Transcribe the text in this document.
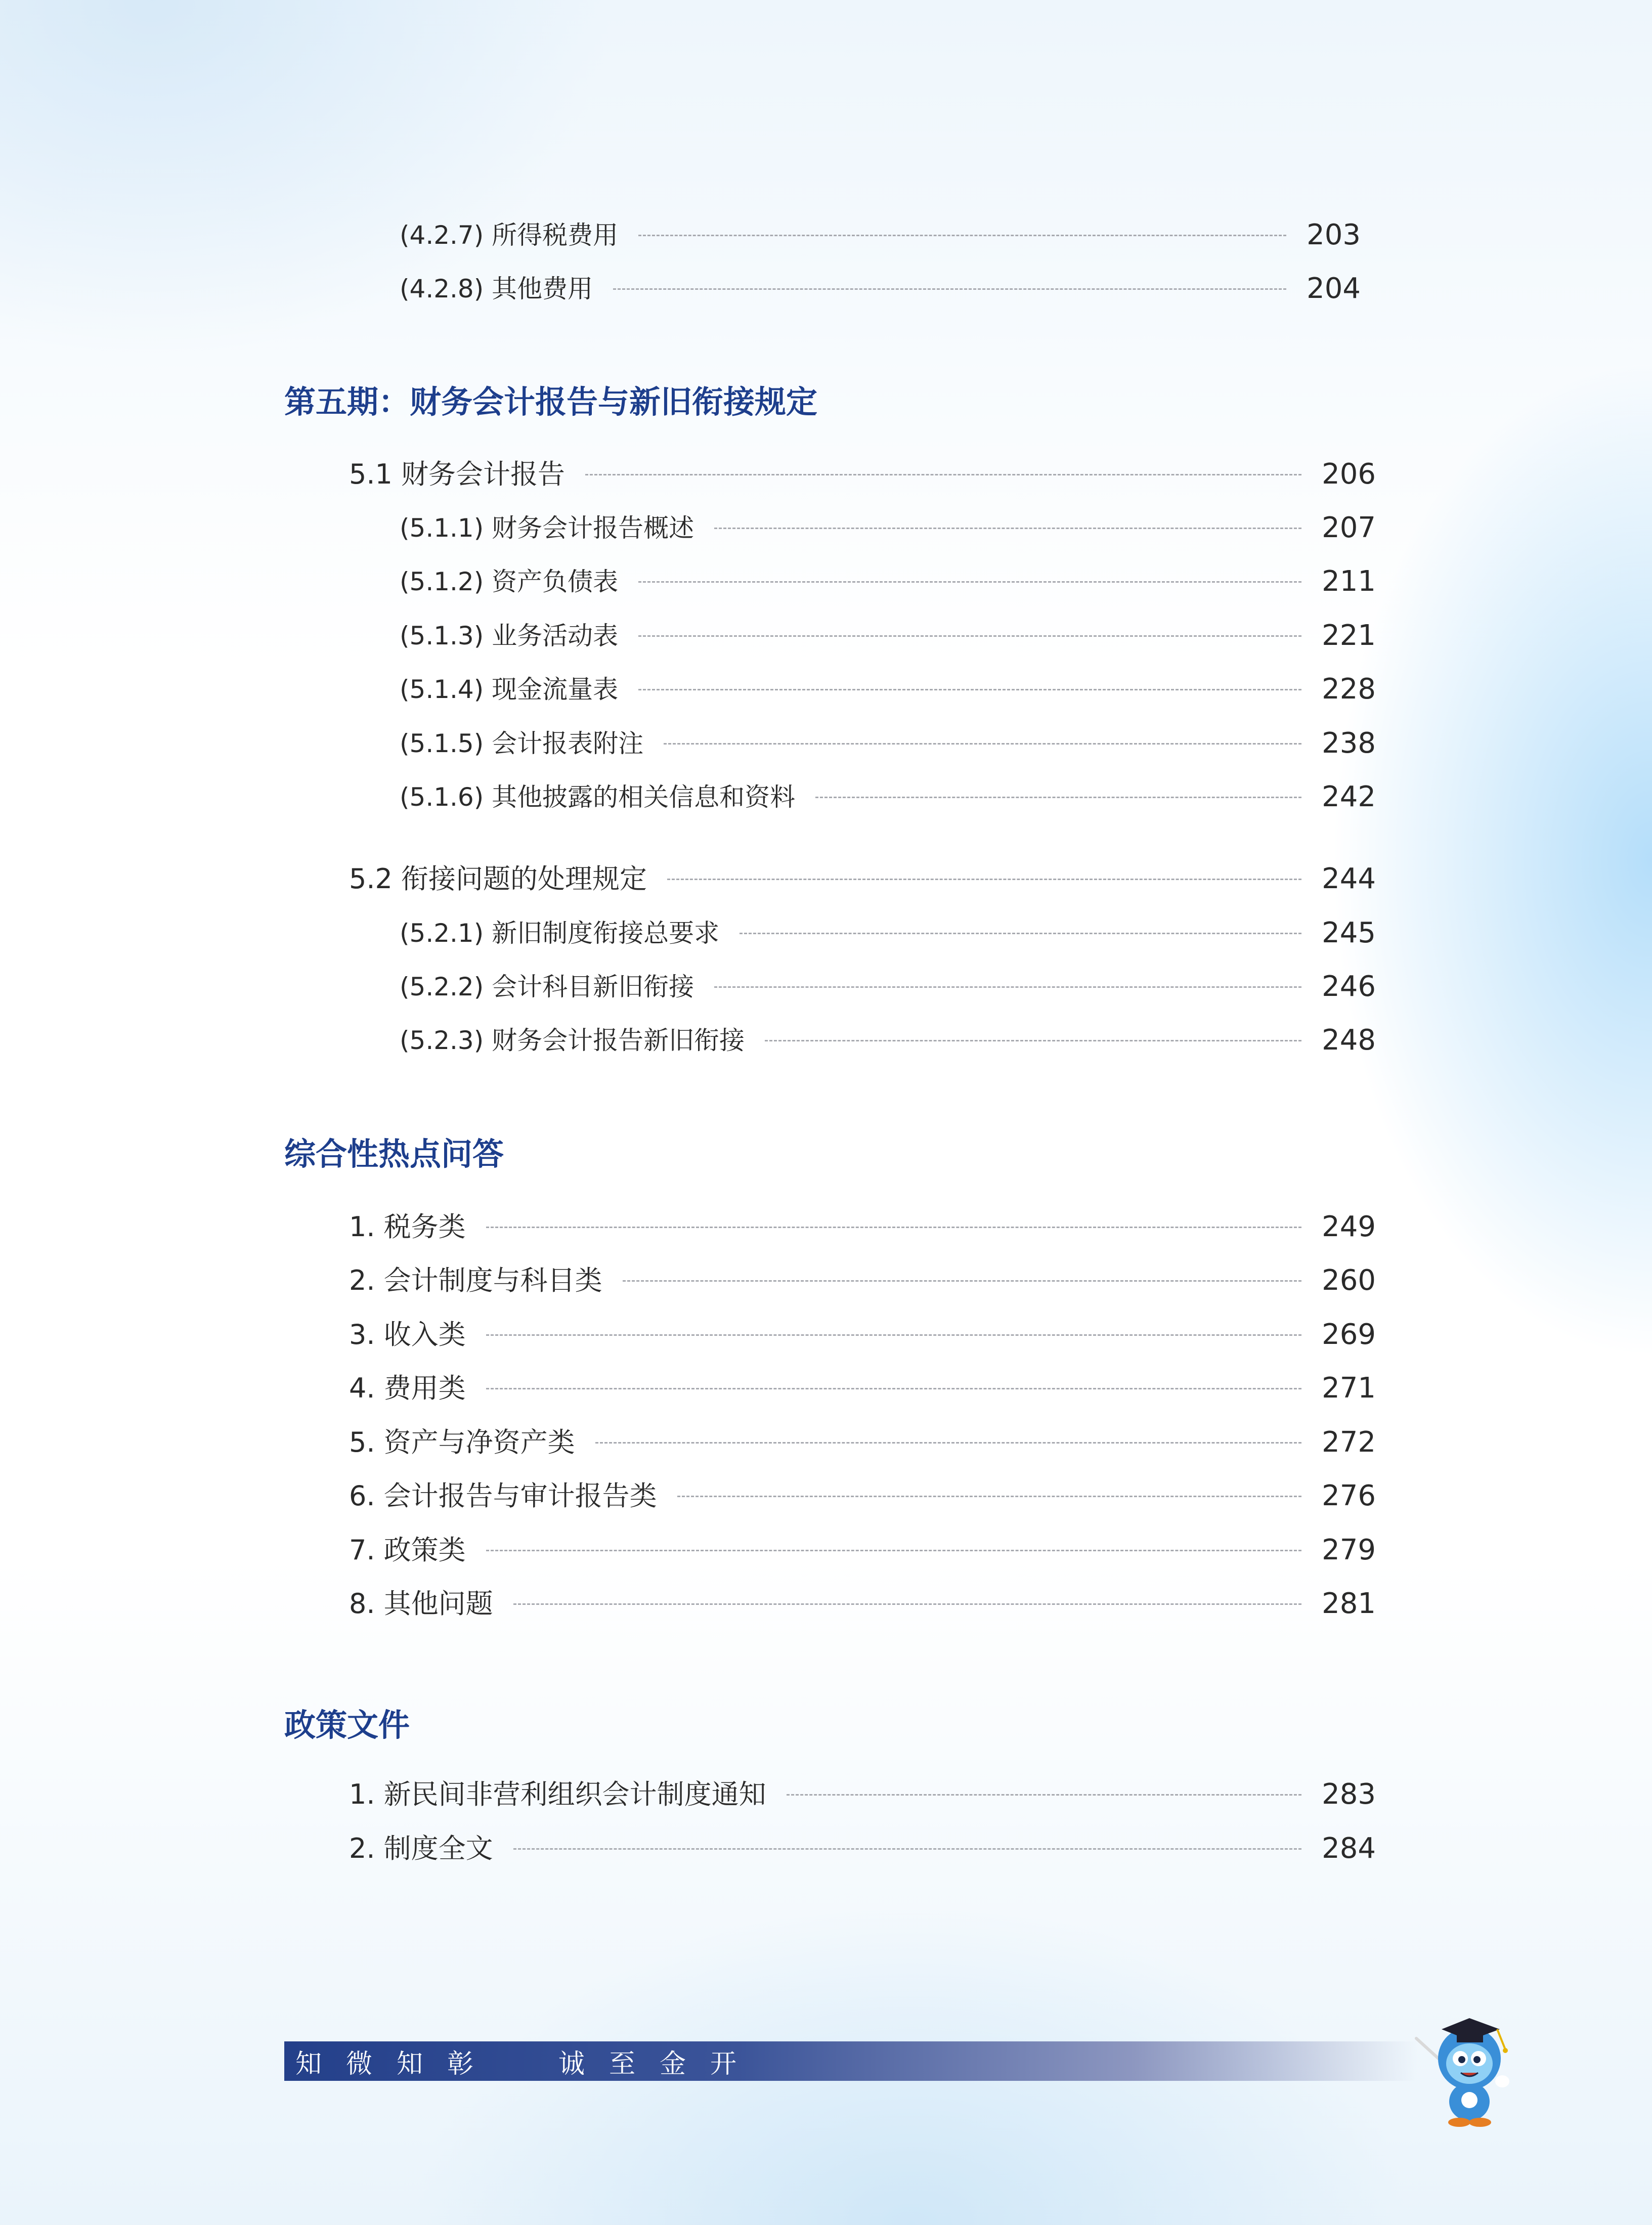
(4.2.7) 所得税费用	203
(4.2.8) 其他费用	204
第五期：财务会计报告与新旧衔接规定
5.1 财务会计报告	206
(5.1.1) 财务会计报告概述	207
(5.1.2) 资产负债表	211
(5.1.3) 业务活动表	221
(5.1.4) 现金流量表	228
(5.1.5) 会计报表附注	238
(5.1.6) 其他披露的相关信息和资料	242
5.2 衔接问题的处理规定	244
(5.2.1) 新旧制度衔接总要求	245
(5.2.2) 会计科目新旧衔接	246
(5.2.3) 财务会计报告新旧衔接	248
综合性热点问答
1. 税务类	249
2. 会计制度与科目类	260
3. 收入类	269
4. 费用类	271
5. 资产与净资产类	272
6. 会计报告与审计报告类	276
7. 政策类	279
8. 其他问题	281
政策文件
1. 新民间非营利组织会计制度通知	283
2. 制度全文	284
知微知彰 诚至金开
